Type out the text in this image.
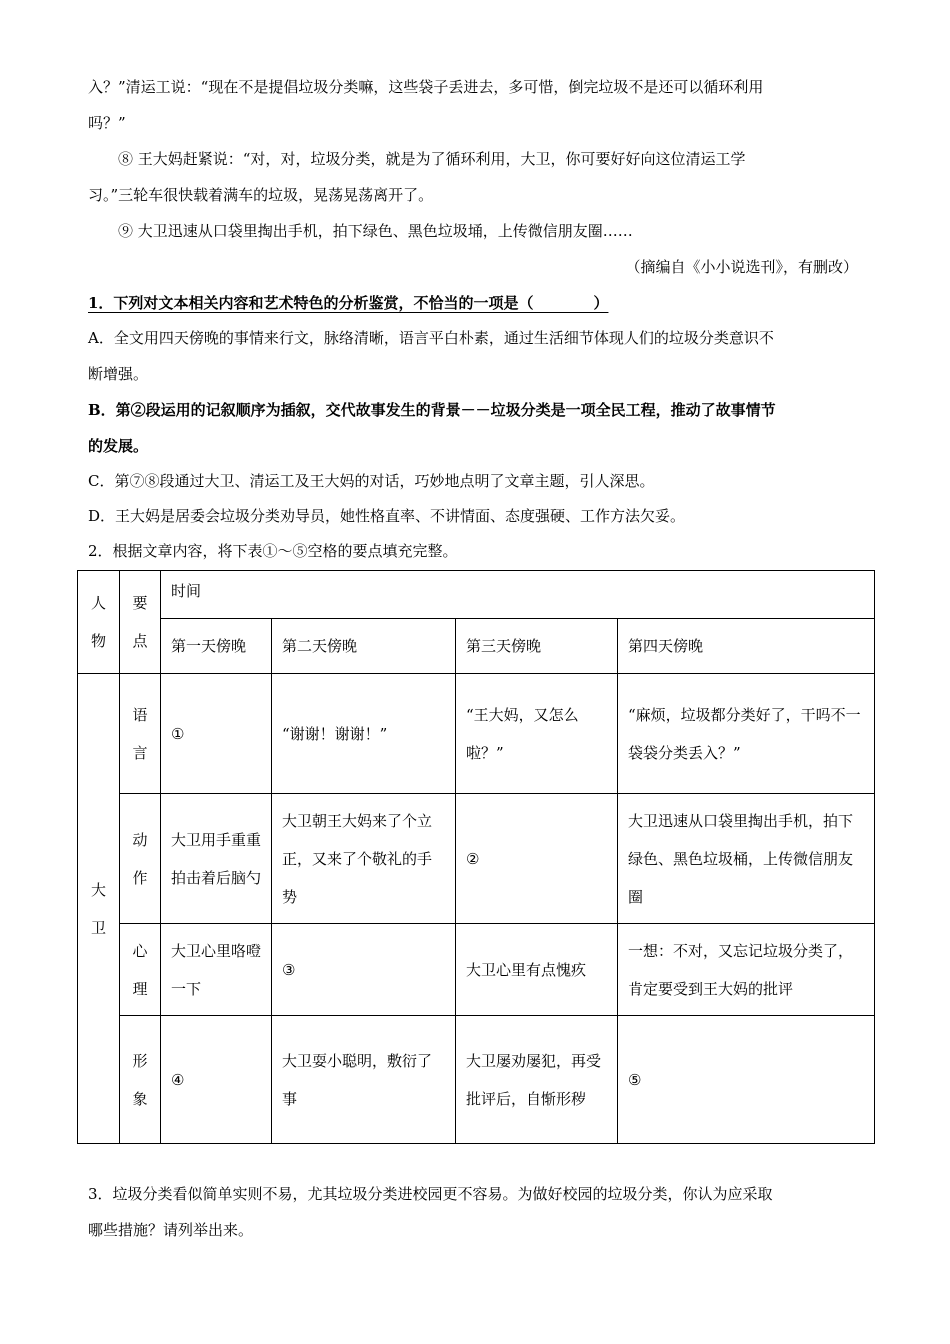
入？”清运工说：“现在不是提倡垃圾分类嘛，这些袋子丢进去，多可惜，倒完垃圾不是还可以循环利用
吗？”
⑧ 王大妈赶紧说：“对，对，垃圾分类，就是为了循环利用，大卫，你可要好好向这位清运工学
习。”三轮车很快载着满车的垃圾，晃荡晃荡离开了。
⑨ 大卫迅速从口袋里掏出手机，拍下绿色、黑色垃圾埇，上传微信朋友圈……
（摘编自《小小说选刊》，有删改）
1．下列对文本相关内容和艺术特色的分析鉴赏，不恰当的一项是（　　　　）
A．全文用四天傍晚的事情来行文，脉络清晰，语言平白朴素，通过生活细节体现人们的垃圾分类意识不
断增强。
B．第②段运用的记叙顺序为插叙，交代故事发生的背景－－垃圾分类是一项全民工程，推动了故事情节
的发展。
C．第⑦⑧段通过大卫、清运工及王大妈的对话，巧妙地点明了文章主题，引人深思。
D．王大妈是居委会垃圾分类劝导员，她性格直率、不讲情面、态度强硬、工作方法欠妥。
2．根据文章内容，将下表①～⑤空格的要点填充完整。
人物	要点	时间			
		第一天傍晚	第二天傍晚	第三天傍晚	第四天傍晚

大卫	语言	①	“谢谢！谢谢！”	“王大妈，又怎么啦？”	“麻烦，垃圾都分类好了，干吗不一袋袋分类丢入？”

	动作	大卫用手重重拍击着后脑勺	大卫朝王大妈来了个立正，又来了个敬礼的手势	②	大卫迅速从口袋里掏出手机，拍下绿色、黑色垃圾桶，上传微信朋友圈

	心理	大卫心里咯噔一下	③	大卫心里有点愧疚	一想：不对，又忘记垃圾分类了，肯定要受到王大妈的批评

	形象	④	大卫耍小聪明，敷衍了事	大卫屡劝屡犯，再受批评后，自惭形秽	⑤
3．垃圾分类看似简单实则不易，尤其垃圾分类进校园更不容易。为做好校园的垃圾分类，你认为应采取
哪些措施？请列举出来。
